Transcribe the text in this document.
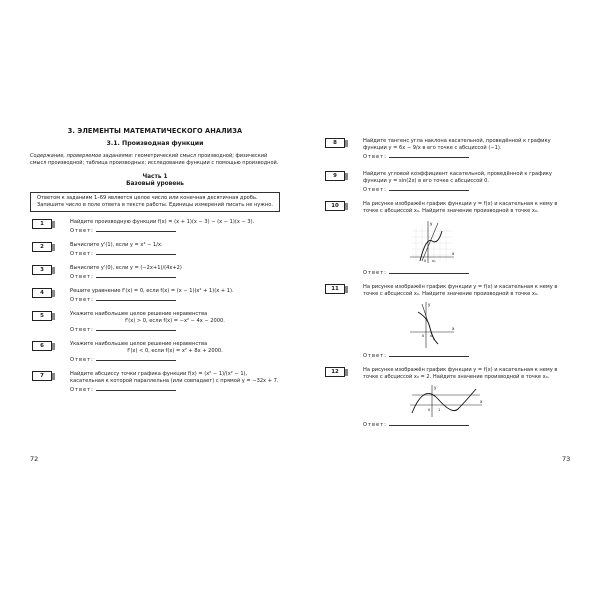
3. ЭЛЕМЕНТЫ МАТЕМАТИЧЕСКОГО АНАЛИЗА
3.1. Производная функции
Содержание, проверяемое заданиями: геометрический смысл производной; физический смысл производной; таблица производных; исследование функции с помощью производной.
Часть 1
Базовый уровень
Ответом к заданиям 1–69 является целое число или конечная десятичная дробь. Запишите число в поле ответа в тексте работы. Единицы измерений писать не нужно.
1	Найдите производную функции f(x) = (x + 1)(x − 3) − (x − 1)(x − 3).
Ответ:
2	Вычислите y'(1), если y = x⁴ − 1/x.
Ответ:
3	Вычислите y'(0), если y = (−2x+1)/(4x+2)
Ответ:
4	Решите уравнение f'(x) = 0, если f(x) = (x − 1)(x² + 1)(x + 1).
Ответ:
5	Укажите наибольшее целое решение неравенства
f'(x) > 0, если f(x) = −x² − 4x − 2000.
Ответ:
6	Укажите наибольшее целое решение неравенства
f'(x) < 0, если f(x) = x² + 8x + 2000.
Ответ:
7	Найдите абсциссу точки графика функции f(x) = (x² − 1)/(x² − 1), касательная к которой параллельна (или совпадает) с прямой y = −32x + 7.
Ответ:
72
8	Найдите тангенс угла наклона касательной, проведённой к графику функции y = 6x − 9/x в его точке с абсциссой (−1).
Ответ:
9	Найдите угловой коэффициент касательной, проведённой к графику функции y = sin(2x) в его точке с абсциссой 0.
Ответ:
10	На рисунке изображён график функции y = f(x) и касательная к нему в точке с абсциссой x₀. Найдите значение производной в точке x₀.
y
x
0 x₀
Ответ:
11	На рисунке изображён график функции y = f(x) и касательная к нему в точке с абсциссой x₀. Найдите значение производной в точке x₀.
y
x
0 x₀
Ответ:
12	На рисунке изображён график функции y = f(x) и касательная к нему в точке с абсциссой x₀ = 2. Найдите значение производной в точке x₀.
y
x
0 1
Ответ:
73
